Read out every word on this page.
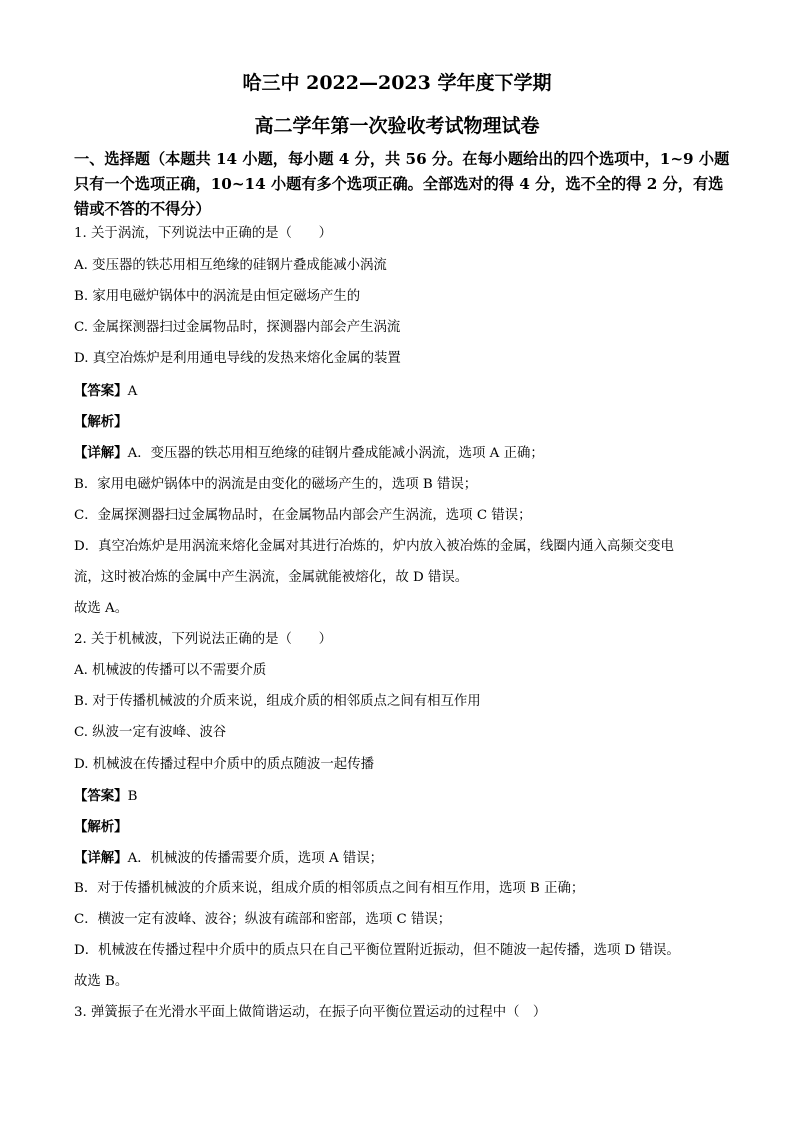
哈三中 2022—2023 学年度下学期
高二学年第一次验收考试物理试卷
一、选择题（本题共 14 小题，每小题 4 分，共 56 分。在每小题给出的四个选项中，1~9 小题只有一个选项正确，10~14 小题有多个选项正确。全部选对的得 4 分，选不全的得 2 分，有选错或不答的不得分）
1. 关于涡流，下列说法中正确的是（　　）
A. 变压器的铁芯用相互绝缘的硅钢片叠成能减小涡流
B. 家用电磁炉锅体中的涡流是由恒定磁场产生的
C. 金属探测器扫过金属物品时，探测器内部会产生涡流
D. 真空冶炼炉是利用通电导线的发热来熔化金属的装置
【答案】A
【解析】
【详解】A．变压器的铁芯用相互绝缘的硅钢片叠成能减小涡流，选项 A 正确；
B．家用电磁炉锅体中的涡流是由变化的磁场产生的，选项 B 错误；
C．金属探测器扫过金属物品时，在金属物品内部会产生涡流，选项 C 错误；
D．真空冶炼炉是用涡流来熔化金属对其进行冶炼的，炉内放入被冶炼的金属，线圈内通入高频交变电
流，这时被冶炼的金属中产生涡流，金属就能被熔化，故 D 错误。
故选 A。
2. 关于机械波，下列说法正确的是（　　）
A. 机械波的传播可以不需要介质
B. 对于传播机械波的介质来说，组成介质的相邻质点之间有相互作用
C. 纵波一定有波峰、波谷
D. 机械波在传播过程中介质中的质点随波一起传播
【答案】B
【解析】
【详解】A．机械波的传播需要介质，选项 A 错误；
B．对于传播机械波的介质来说，组成介质的相邻质点之间有相互作用，选项 B 正确；
C．横波一定有波峰、波谷；纵波有疏部和密部，选项 C 错误；
D．机械波在传播过程中介质中的质点只在自己平衡位置附近振动，但不随波一起传播，选项 D 错误。
故选 B。
3. 弹簧振子在光滑水平面上做简谐运动，在振子向平衡位置运动的过程中（　）
